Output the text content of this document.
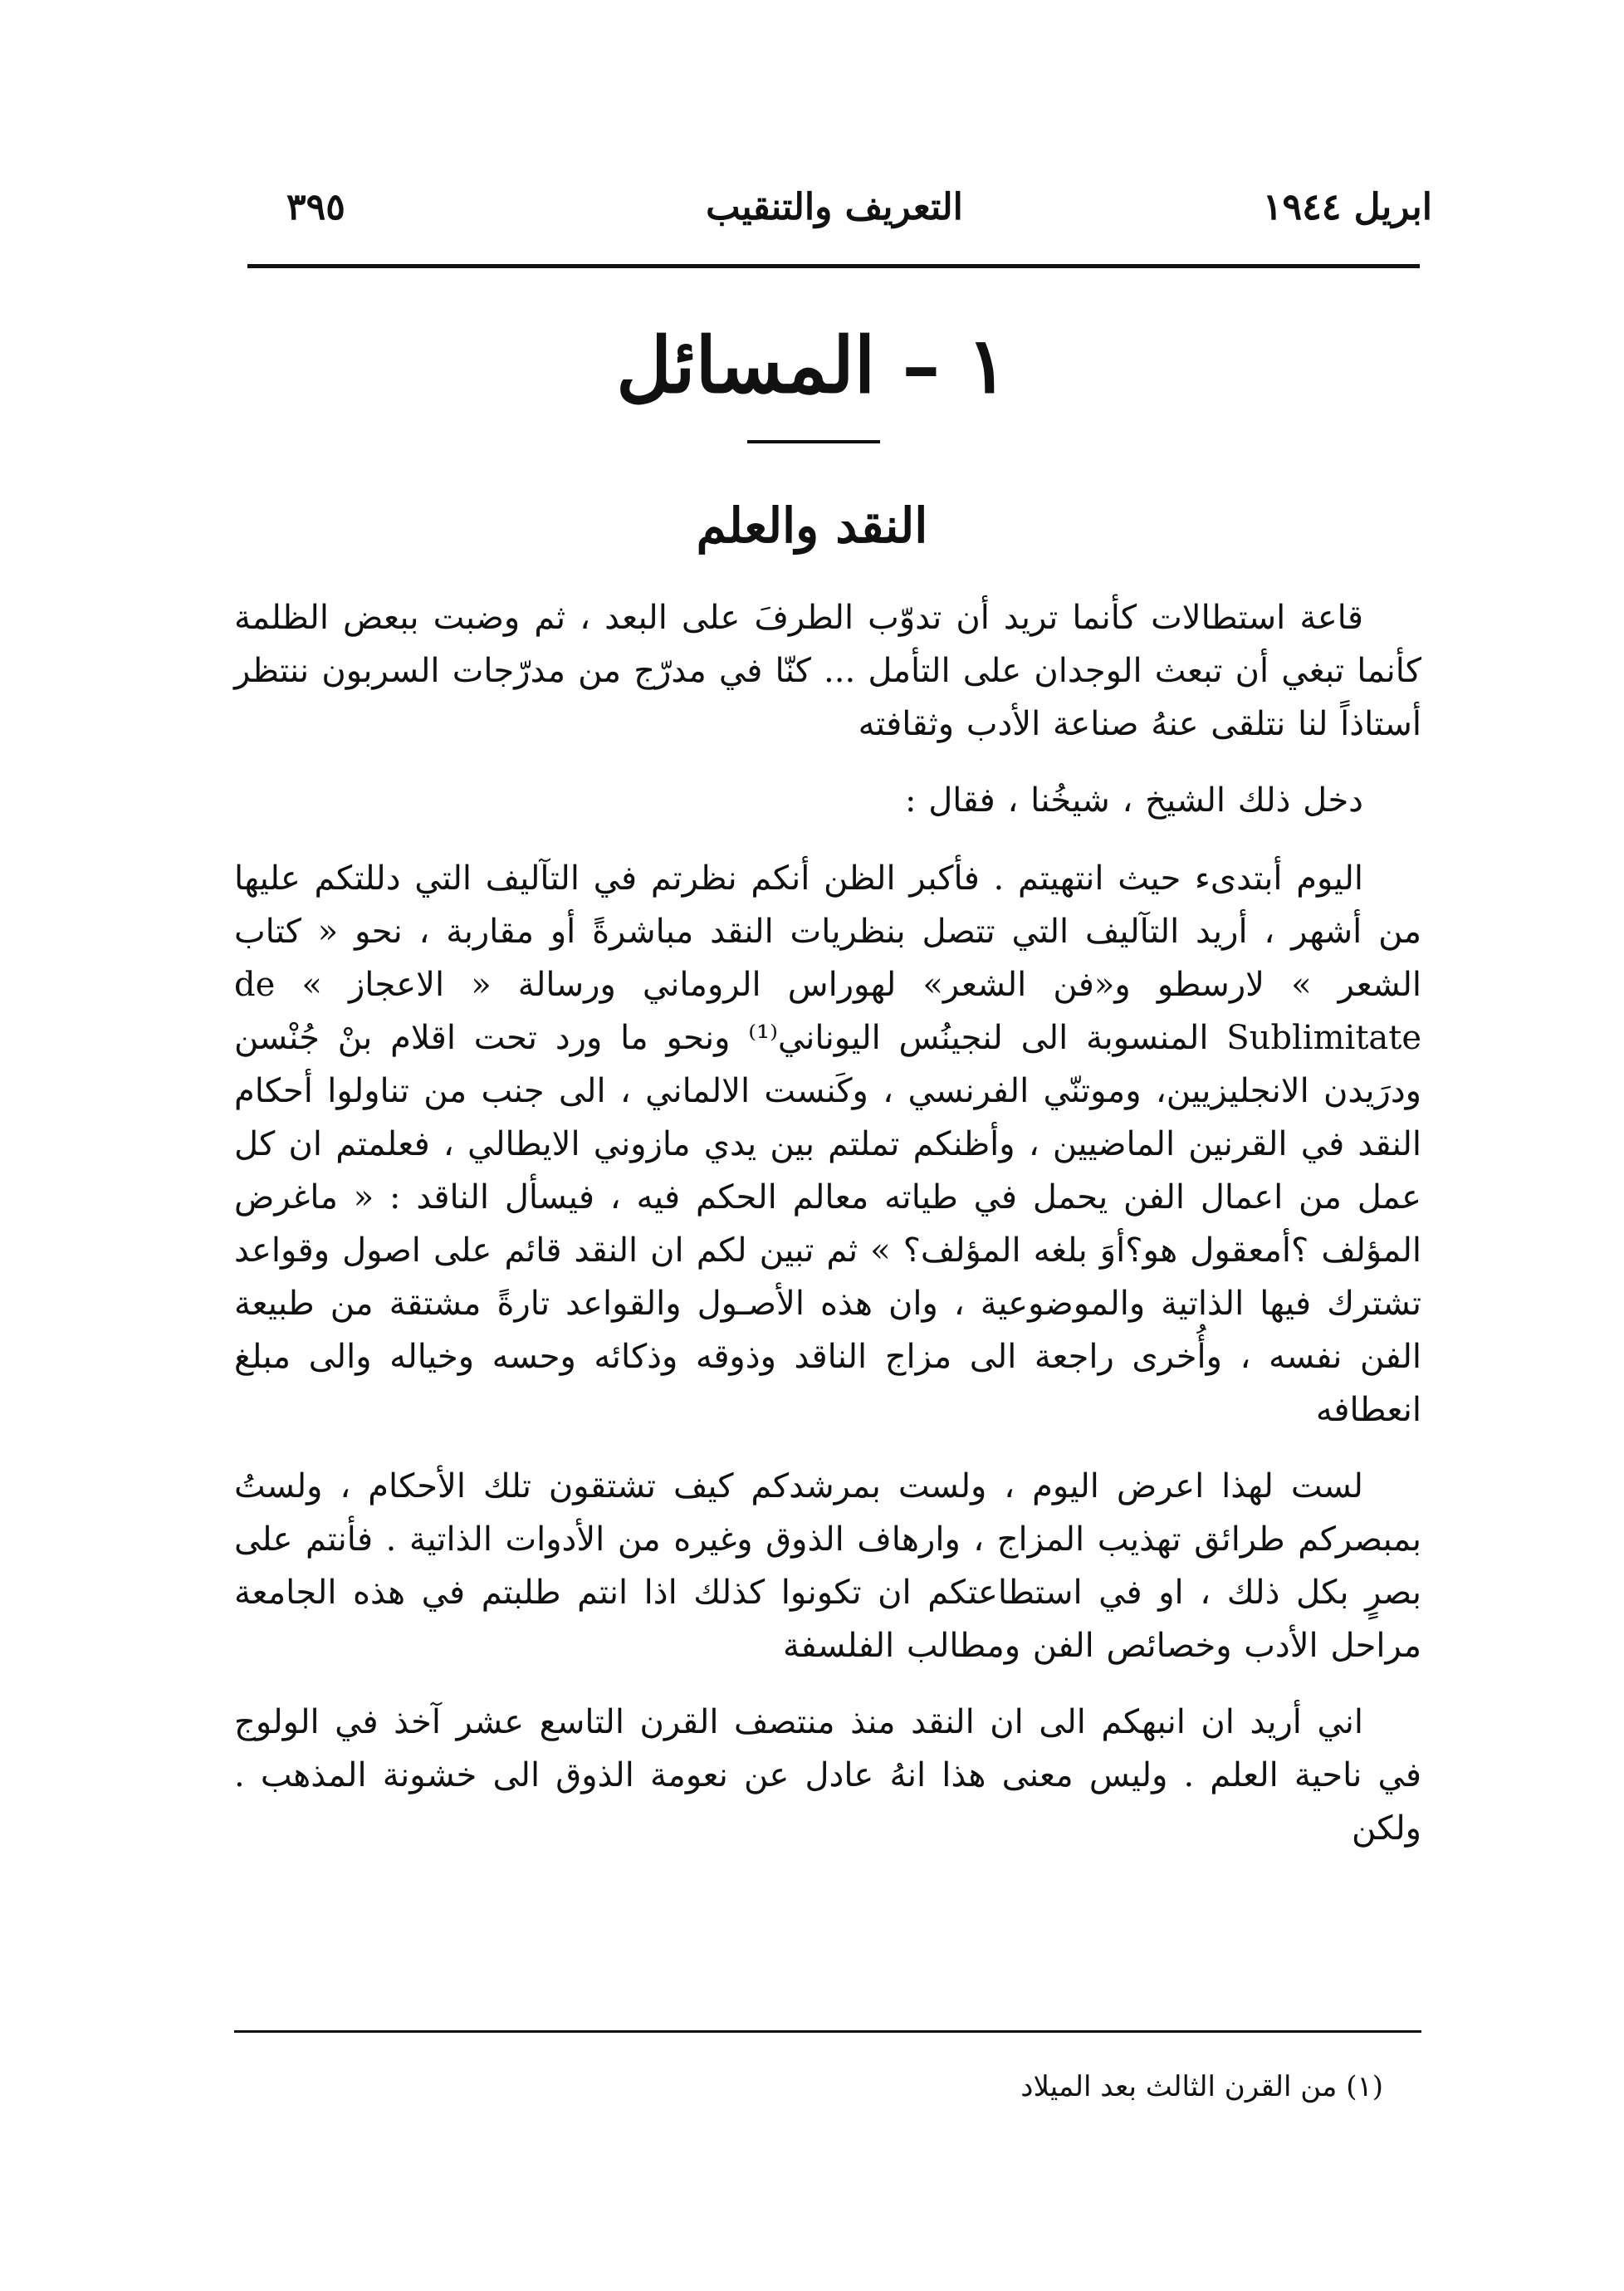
٣٩٥	التعريف والتنقيب	ابريل ١٩٤٤
١ – المسائل
النقد والعلم

قاعة استطالات كأنما تريد أن تدوّب الطرفَ على البعد ، ثم وضبت ببعض الظلمة كأنما تبغي أن تبعث الوجدان على التأمل ... كنّا في مدرّج من مدرّجات السربون ننتظر أستاذاً لنا نتلقى عنهُ صناعة الأدب وثقافته

دخل ذلك الشيخ ، شيخُنا ، فقال :

اليوم أبتدىء حيث انتهيتم . فأكبر الظن أنكم نظرتم في التآليف التي دللتكم عليها من أشهر ، أريد التآليف التي تتصل بنظريات النقد مباشرةً أو مقاربة ، نحو « كتاب الشعر » لارسطو و«فن الشعر» لهوراس الروماني ورسالة « الاعجاز » de Sublimitate المنسوبة الى لنجينُس اليوناني⁽¹⁾ ونحو ما ورد تحت اقلام بنْ جُنْسن ودرَيدن الانجليزيين، وموتنّي الفرنسي ، وكَنست الالماني ، الى جنب من تناولوا أحكام النقد في القرنين الماضيين ، وأظنكم تملتم بين يدي مازوني الايطالي ، فعلمتم ان كل عمل من اعمال الفن يحمل في طياته معالم الحكم فيه ، فيسأل الناقد : « ماغرض المؤلف ؟أمعقول هو؟أوَ بلغه المؤلف؟ » ثم تبين لكم ان النقد قائم على اصول وقواعد تشترك فيها الذاتية والموضوعية ، وان هذه الأصـول والقواعد تارةً مشتقة من طبيعة الفن نفسه ، وأُخرى راجعة الى مزاج الناقد وذوقه وذكائه وحسه وخياله والى مبلغ انعطافه

لست لهذا اعرض اليوم ، ولست بمرشدكم كيف تشتقون تلك الأحكام ، ولستُ بمبصركم طرائق تهذيب المزاج ، وارهاف الذوق وغيره من الأدوات الذاتية . فأنتم على بصرٍ بكل ذلك ، او في استطاعتكم ان تكونوا كذلك اذا انتم طلبتم في هذه الجامعة مراحل الأدب وخصائص الفن ومطالب الفلسفة

اني أريد ان انبهكم الى ان النقد منذ منتصف القرن التاسع عشر آخذ في الولوج في ناحية العلم . وليس معنى هذا انهُ عادل عن نعومة الذوق الى خشونة المذهب . ولكن

(١) من القرن الثالث بعد الميلاد
